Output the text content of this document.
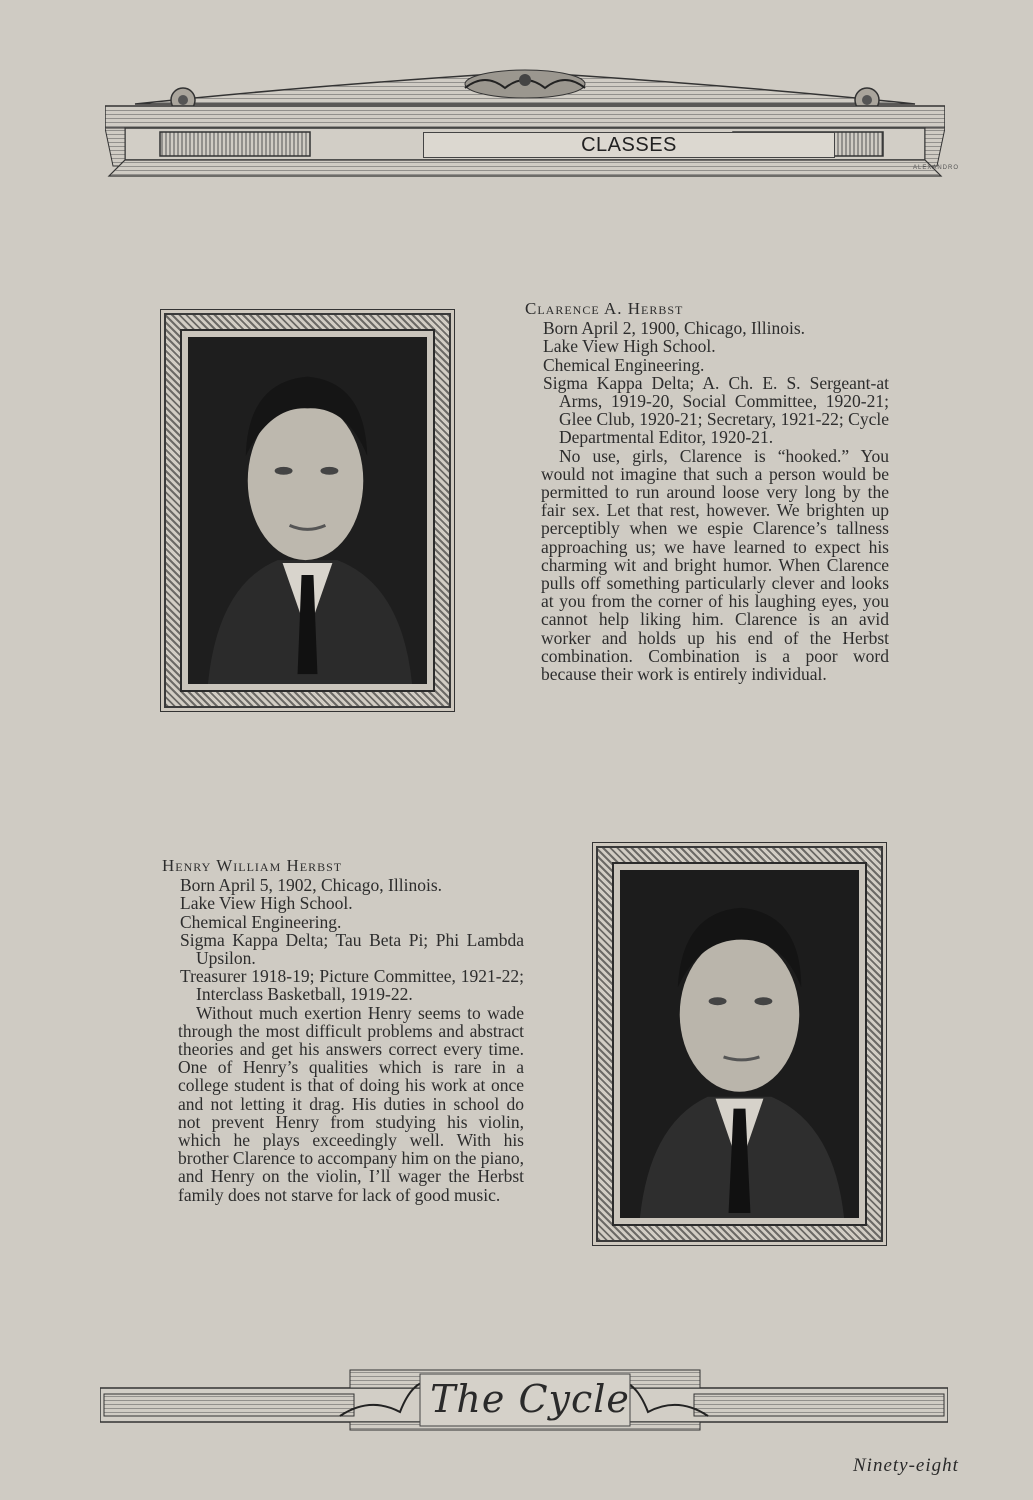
CLASSES
ALEXANDRO
Clarence A. Herbst
Born April 2, 1900, Chicago, Illinois.
Lake View High School.
Chemical Engineering.
Sigma Kappa Delta; A. Ch. E. S. Sergeant-at Arms, 1919-20, Social Committee, 1920-21; Glee Club, 1920-21; Secretary, 1921-22; Cycle Departmental Editor, 1920-21.
No use, girls, Clarence is “hooked.” You would not imagine that such a person would be permitted to run around loose very long by the fair sex. Let that rest, however. We brighten up perceptibly when we espie Clarence’s tallness approaching us; we have learned to expect his charming wit and bright humor. When Clarence pulls off something particularly clever and looks at you from the corner of his laughing eyes, you cannot help liking him. Clarence is an avid worker and holds up his end of the Herbst combination. Combination is a poor word because their work is entirely individual.
Henry William Herbst
Born April 5, 1902, Chicago, Illinois.
Lake View High School.
Chemical Engineering.
Sigma Kappa Delta; Tau Beta Pi; Phi Lambda Upsilon.
Treasurer 1918-19; Picture Committee, 1921-22; Interclass Basketball, 1919-22.
Without much exertion Henry seems to wade through the most difficult problems and abstract theories and get his answers correct every time. One of Henry’s qualities which is rare in a college student is that of doing his work at once and not letting it drag. His duties in school do not prevent Henry from studying his violin, which he plays exceedingly well. With his brother Clarence to accompany him on the piano, and Henry on the violin, I’ll wager the Herbst family does not starve for lack of good music.
The Cycle
Ninety-eight
